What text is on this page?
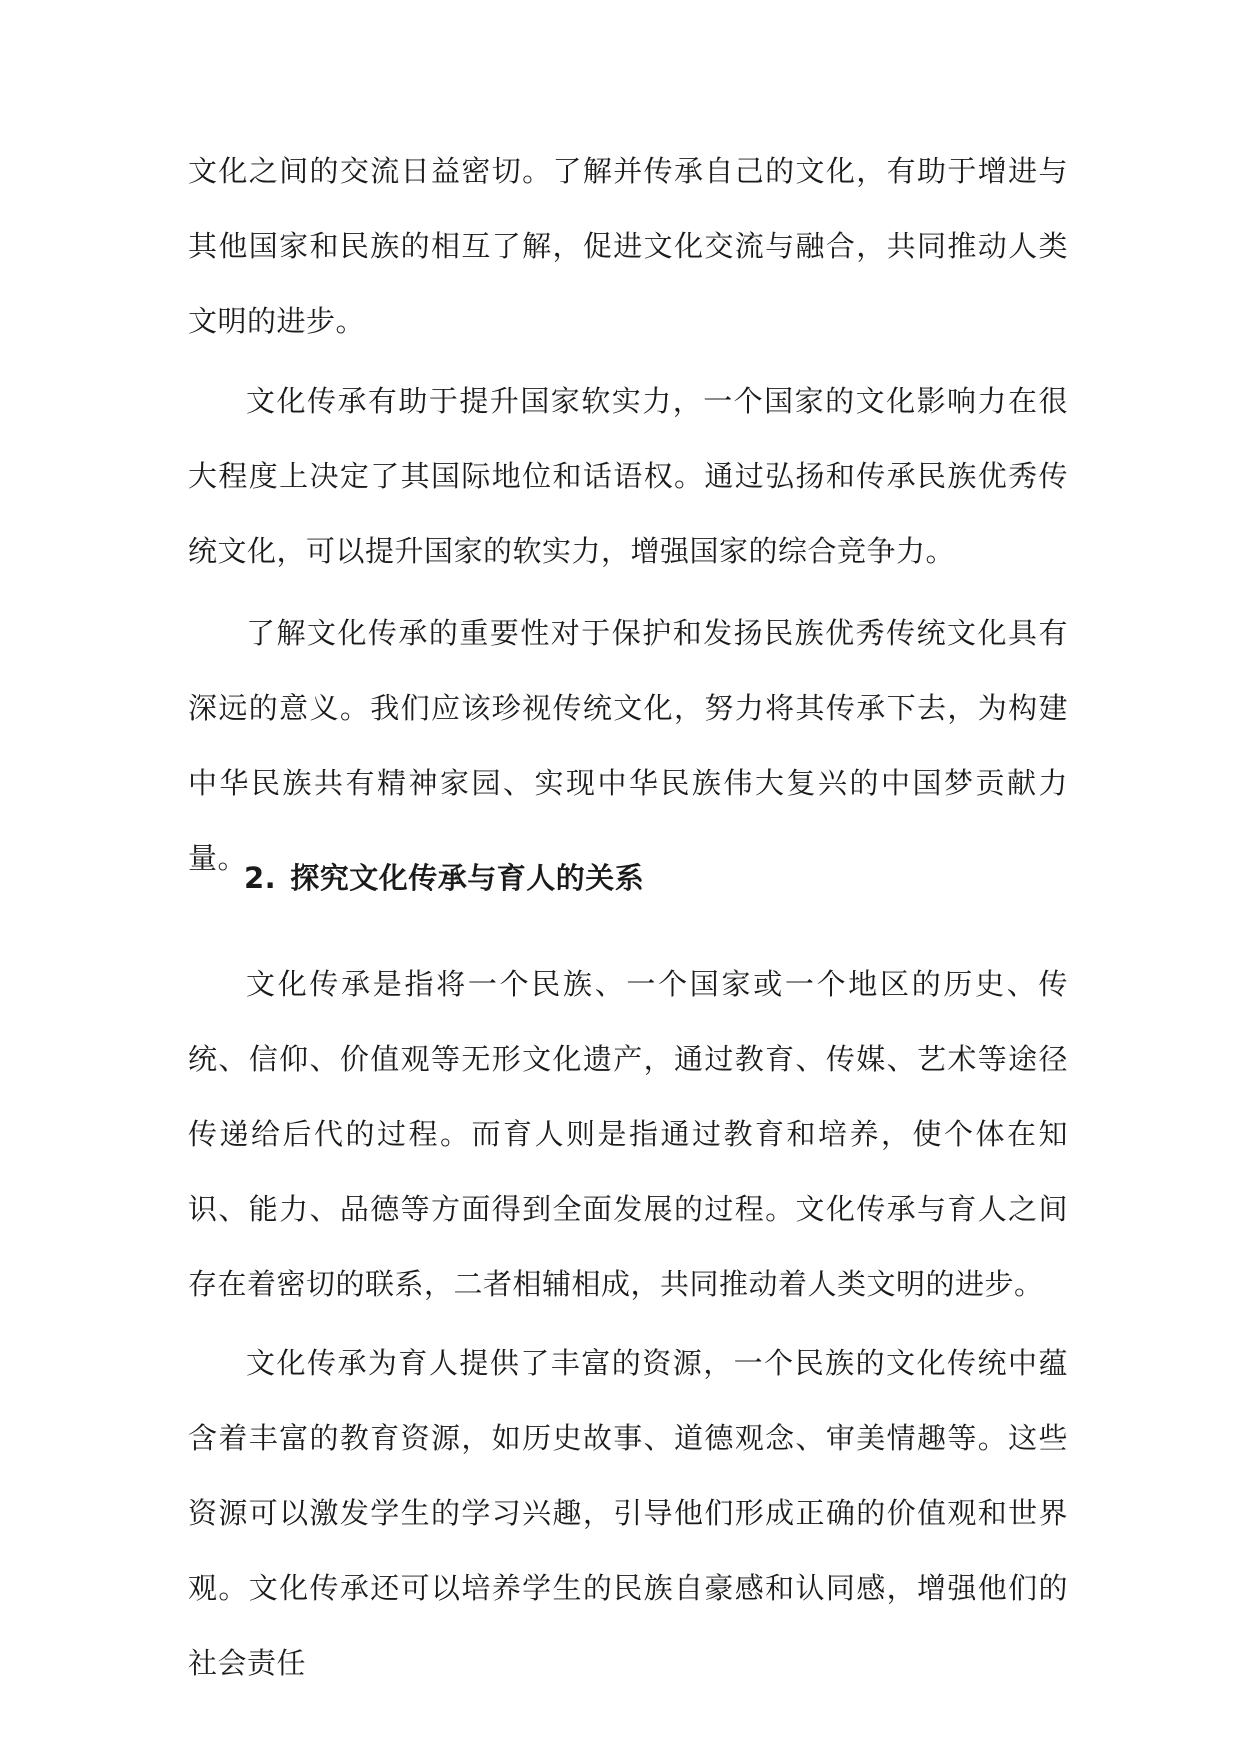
文化之间的交流日益密切。了解并传承自己的文化，有助于增进与其他国家和民族的相互了解，促进文化交流与融合，共同推动人类文明的进步。

文化传承有助于提升国家软实力，一个国家的文化影响力在很大程度上决定了其国际地位和话语权。通过弘扬和传承民族优秀传统文化，可以提升国家的软实力，增强国家的综合竞争力。

了解文化传承的重要性对于保护和发扬民族优秀传统文化具有深远的意义。我们应该珍视传统文化，努力将其传承下去，为构建中华民族共有精神家园、实现中华民族伟大复兴的中国梦贡献力量。

2. 探究文化传承与育人的关系

文化传承是指将一个民族、一个国家或一个地区的历史、传统、信仰、价值观等无形文化遗产，通过教育、传媒、艺术等途径传递给后代的过程。而育人则是指通过教育和培养，使个体在知识、能力、品德等方面得到全面发展的过程。文化传承与育人之间存在着密切的联系，二者相辅相成，共同推动着人类文明的进步。

文化传承为育人提供了丰富的资源，一个民族的文化传统中蕴含着丰富的教育资源，如历史故事、道德观念、审美情趣等。这些资源可以激发学生的学习兴趣，引导他们形成正确的价值观和世界观。文化传承还可以培养学生的民族自豪感和认同感，增强他们的社会责任
